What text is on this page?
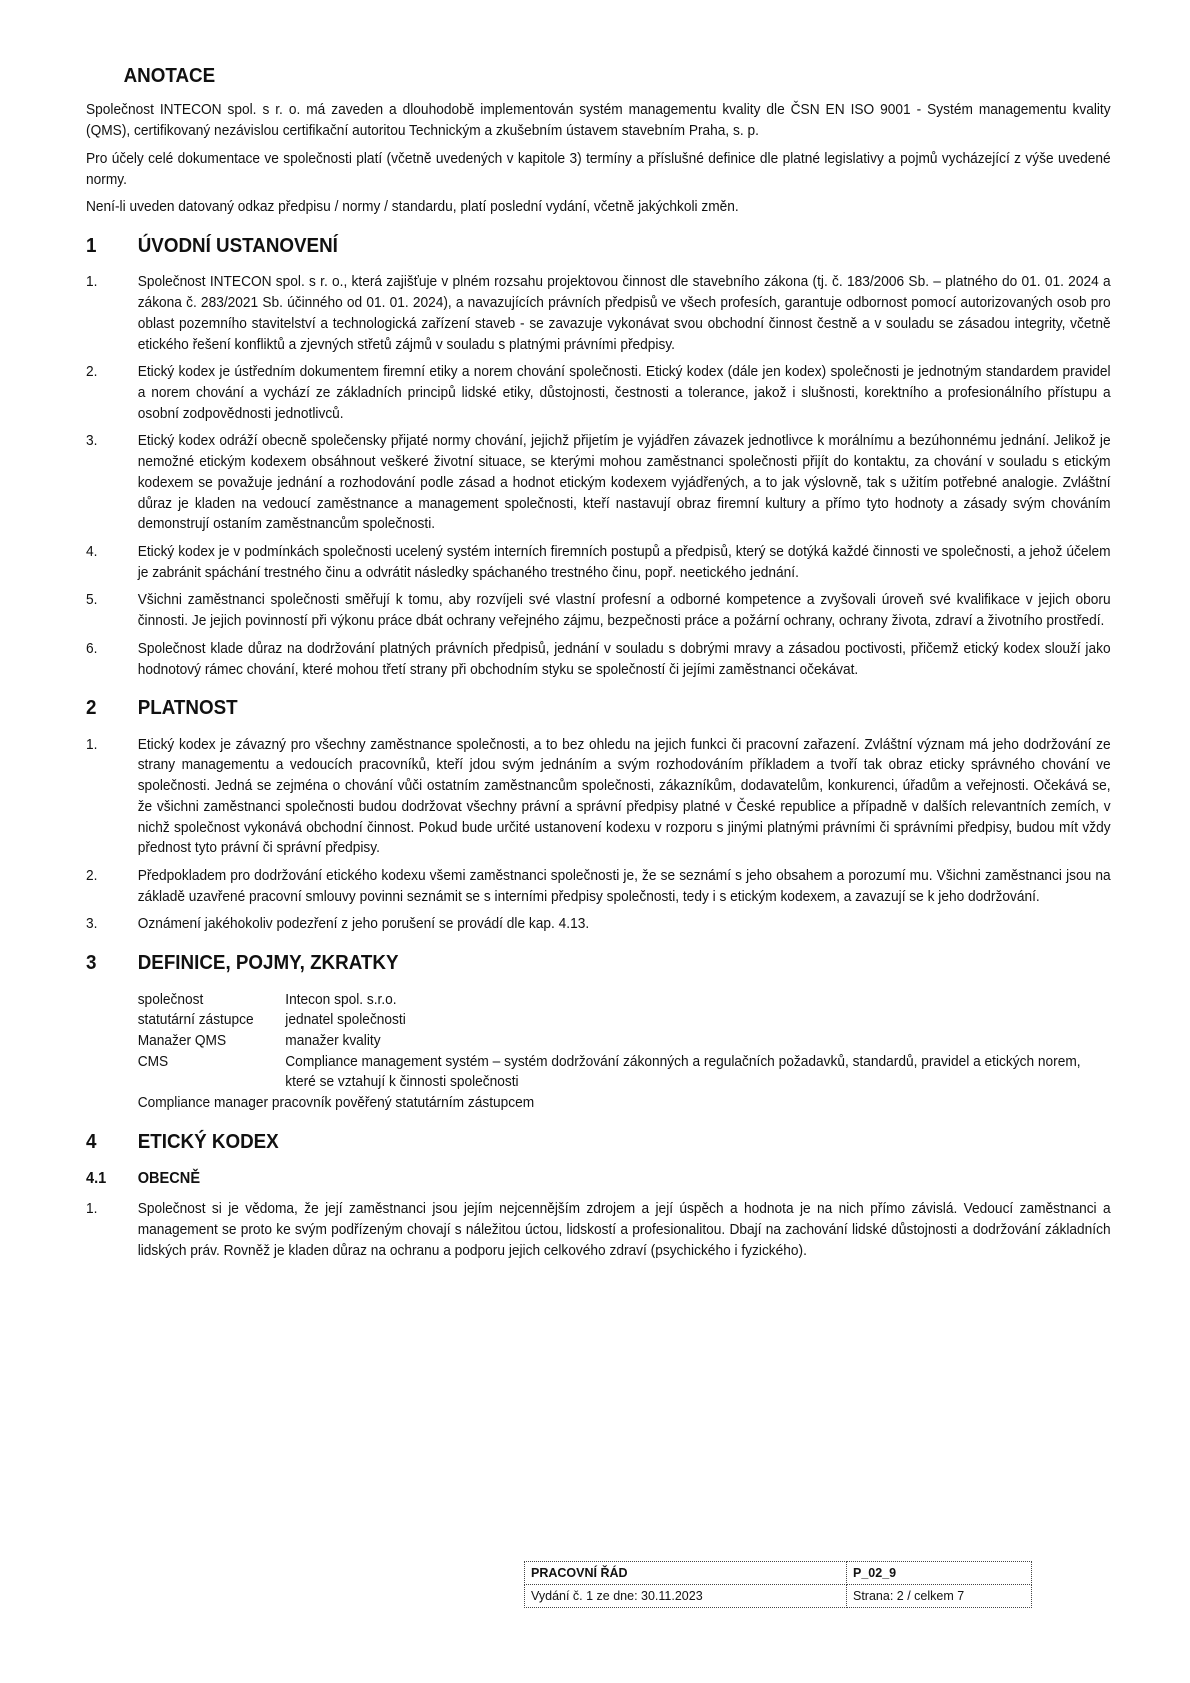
ANOTACE

Společnost INTECON spol. s r. o. má zaveden a dlouhodobě implementován systém managementu kvality dle ČSN EN ISO 9001 - Systém managementu kvality (QMS), certifikovaný nezávislou certifikační autoritou Technickým a zkušebním ústavem stavebním Praha, s. p.

Pro účely celé dokumentace ve společnosti platí (včetně uvedených v kapitole 3) termíny a příslušné definice dle platné legislativy a pojmů vycházející z výše uvedené normy.

Není-li uveden datovaný odkaz předpisu / normy / standardu, platí poslední vydání, včetně jakýchkoli změn.

1	ÚVODNÍ USTANOVENÍ
1.	Společnost INTECON spol. s r. o., která zajišťuje v plném rozsahu projektovou činnost dle stavebního zákona (tj. č. 183/2006 Sb. – platného do 01. 01. 2024 a zákona č. 283/2021 Sb. účinného od 01. 01. 2024), a navazujících právních předpisů ve všech profesích, garantuje odbornost pomocí autorizovaných osob pro oblast pozemního stavitelství a technologická zařízení staveb - se zavazuje vykonávat svou obchodní činnost čestně a v souladu se zásadou integrity, včetně etického řešení konfliktů a zjevných střetů zájmů v souladu s platnými právními předpisy.
2.	Etický kodex je ústředním dokumentem firemní etiky a norem chování společnosti. Etický kodex (dále jen kodex) společnosti je jednotným standardem pravidel a norem chování a vychází ze základních principů lidské etiky, důstojnosti, čestnosti a tolerance, jakož i slušnosti, korektního a profesionálního přístupu a osobní zodpovědnosti jednotlivců.
3.	Etický kodex odráží obecně společensky přijaté normy chování, jejichž přijetím je vyjádřen závazek jednotlivce k morálnímu a bezúhonnému jednání. Jelikož je nemožné etickým kodexem obsáhnout veškeré životní situace, se kterými mohou zaměstnanci společnosti přijít do kontaktu, za chování v souladu s etickým kodexem se považuje jednání a rozhodování podle zásad a hodnot etickým kodexem vyjádřených, a to jak výslovně, tak s užitím potřebné analogie. Zvláštní důraz je kladen na vedoucí zaměstnance a management společnosti, kteří nastavují obraz firemní kultury a přímo tyto hodnoty a zásady svým chováním demonstrují ostaním zaměstnancům společnosti.
4.	Etický kodex je v podmínkách společnosti ucelený systém interních firemních postupů a předpisů, který se dotýká každé činnosti ve společnosti, a jehož účelem je zabránit spáchání trestného činu a odvrátit následky spáchaného trestného činu, popř. neetického jednání.
5.	Všichni zaměstnanci společnosti směřují k tomu, aby rozvíjeli své vlastní profesní a odborné kompetence a zvyšovali úroveň své kvalifikace v jejich oboru činnosti. Je jejich povinností při výkonu práce dbát ochrany veřejného zájmu, bezpečnosti práce a požární ochrany, ochrany života, zdraví a životního prostředí.
6.	Společnost klade důraz na dodržování platných právních předpisů, jednání v souladu s dobrými mravy a zásadou poctivosti, přičemž etický kodex slouží jako hodnotový rámec chování, které mohou třetí strany při obchodním styku se společností či jejími zaměstnanci očekávat.
2	PLATNOST
1.	Etický kodex je závazný pro všechny zaměstnance společnosti, a to bez ohledu na jejich funkci či pracovní zařazení. Zvláštní význam má jeho dodržování ze strany managementu a vedoucích pracovníků, kteří jdou svým jednáním a svým rozhodováním příkladem a tvoří tak obraz eticky správného chování ve společnosti. Jedná se zejména o chování vůči ostatním zaměstnancům společnosti, zákazníkům, dodavatelům, konkurenci, úřadům a veřejnosti. Očekává se, že všichni zaměstnanci společnosti budou dodržovat všechny právní a správní předpisy platné v České republice a případně v dalších relevantních zemích, v nichž společnost vykonává obchodní činnost. Pokud bude určité ustanovení kodexu v rozporu s jinými platnými právními či správními předpisy, budou mít vždy přednost tyto právní či správní předpisy.
2.	Předpokladem pro dodržování etického kodexu všemi zaměstnanci společnosti je, že se seznámí s jeho obsahem a porozumí mu. Všichni zaměstnanci jsou na základě uzavřené pracovní smlouvy povinni seznámit se s interními předpisy společnosti, tedy i s etickým kodexem, a zavazují se k jeho dodržování.
3.	Oznámení jakéhokoliv podezření z jeho porušení se provádí dle kap. 4.13.
3	DEFINICE, POJMY, ZKRATKY
společnost	Intecon spol. s.r.o.
statutární zástupce	jednatel společnosti
Manažer QMS	manažer kvality
CMS	Compliance management systém – systém dodržování zákonných a regulačních požadavků, standardů, pravidel a etických norem, které se vztahují k činnosti společnosti
Compliance manager pracovník pověřený statutárním zástupcem
4	ETICKÝ KODEX
4.1	OBECNĚ
1.	Společnost si je vědoma, že její zaměstnanci jsou jejím nejcennějším zdrojem a její úspěch a hodnota je na nich přímo závislá. Vedoucí zaměstnanci a management se proto ke svým podřízeným chovají s náležitou úctou, lidskostí a profesionalitou. Dbají na zachování lidské důstojnosti a dodržování základních lidských práv. Rovněž je kladen důraz na ochranu a podporu jejich celkového zdraví (psychického i fyzického).
PRACOVNÍ ŘÁD	P_02_9
Vydání č. 1 ze dne: 30.11.2023	Strana: 2 / celkem 7
